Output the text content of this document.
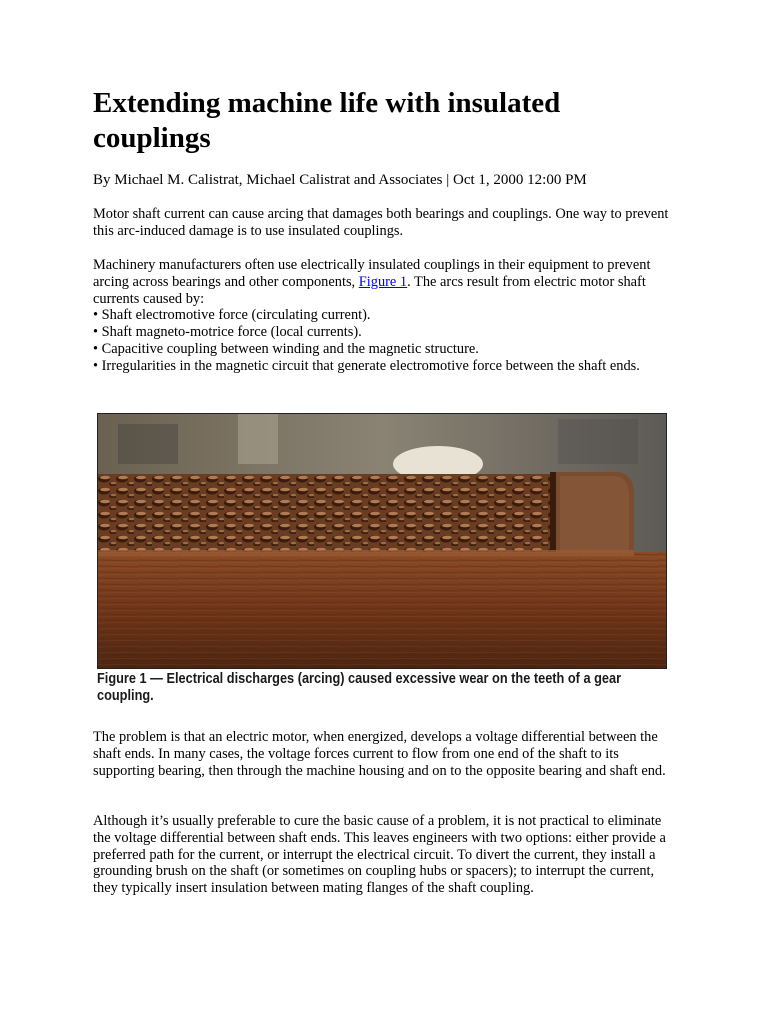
Extending machine life with insulated couplings
By Michael M. Calistrat, Michael Calistrat and Associates | Oct 1, 2000 12:00 PM

Motor shaft current can cause arcing that damages both bearings and couplings. One way to prevent this arc-induced damage is to use insulated couplings.

Machinery manufacturers often use electrically insulated couplings in their equipment to prevent arcing across bearings and other components, Figure 1. The arcs result from electric motor shaft currents caused by:
• Shaft electromotive force (circulating current).
• Shaft magneto-motrice force (local currents).
• Capacitive coupling between winding and the magnetic structure.
• Irregularities in the magnetic circuit that generate electromotive force between the shaft ends.

The problem is that an electric motor, when energized, develops a voltage differential between the shaft ends. In many cases, the voltage forces current to flow from one end of the shaft to its supporting bearing, then through the machine housing and on to the opposite bearing and shaft end.

Although it’s usually preferable to cure the basic cause of a problem, it is not practical to eliminate the voltage differential between shaft ends. This leaves engineers with two options: either provide a preferred path for the current, or interrupt the electrical circuit. To divert the current, they install a grounding brush on the shaft (or sometimes on coupling hubs or spacers); to interrupt the current, they typically insert insulation between mating flanges of the shaft coupling.

Figure 1 — Electrical discharges (arcing) caused excessive wear on the teeth of a gear coupling.
